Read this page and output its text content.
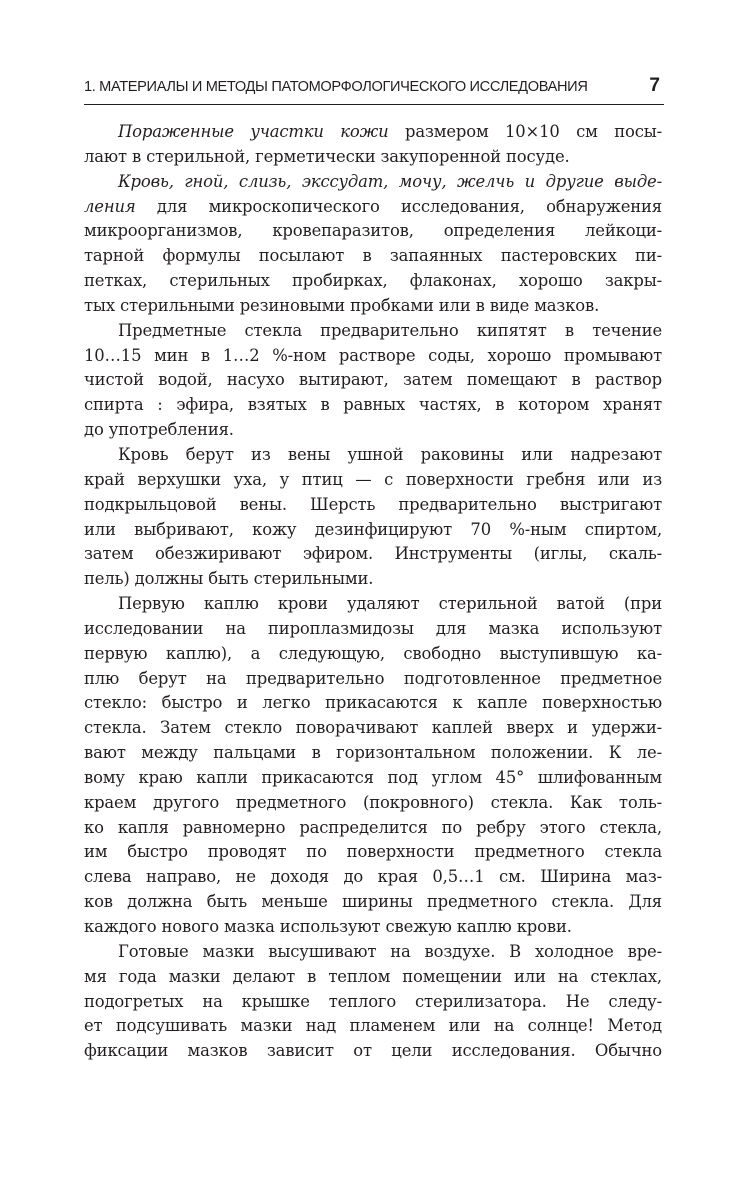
1. МАТЕРИАЛЫ И МЕТОДЫ ПАТОМОРФОЛОГИЧЕСКОГО ИССЛЕДОВАНИЯ	7
Пораженные участки кожи размером 10×10 см посы-
лают в стерильной, герметически закупоренной посуде.
Кровь, гной, слизь, экссудат, мочу, желчь и другие выде-
ления для микроскопического исследования, обнаружения
микроорганизмов, кровепаразитов, определения лейкоци-
тарной формулы посылают в запаянных пастеровских пи-
петках, стерильных пробирках, флаконах, хорошо закры-
тых стерильными резиновыми пробками или в виде мазков.
Предметные стекла предварительно кипятят в течение
10…15 мин в 1…2 %-ном растворе соды, хорошо промывают
чистой водой, насухо вытирают, затем помещают в раствор
спирта : эфира, взятых в равных частях, в котором хранят
до употребления.
Кровь берут из вены ушной раковины или надрезают
край верхушки уха, у птиц — с поверхности гребня или из
подкрыльцовой вены. Шерсть предварительно выстригают
или выбривают, кожу дезинфицируют 70 %-ным спиртом,
затем обезжиривают эфиром. Инструменты (иглы, скаль-
пель) должны быть стерильными.
Первую каплю крови удаляют стерильной ватой (при
исследовании на пироплазмидозы для мазка используют
первую каплю), а следующую, свободно выступившую ка-
плю берут на предварительно подготовленное предметное
стекло: быстро и легко прикасаются к капле поверхностью
стекла. Затем стекло поворачивают каплей вверх и удержи-
вают между пальцами в горизонтальном положении. К ле-
вому краю капли прикасаются под углом 45° шлифованным
краем другого предметного (покровного) стекла. Как толь-
ко капля равномерно распределится по ребру этого стекла,
им быстро проводят по поверхности предметного стекла
слева направо, не доходя до края 0,5…1 см. Ширина маз-
ков должна быть меньше ширины предметного стекла. Для
каждого нового мазка используют свежую каплю крови.
Готовые мазки высушивают на воздухе. В холодное вре-
мя года мазки делают в теплом помещении или на стеклах,
подогретых на крышке теплого стерилизатора. Не следу-
ет подсушивать мазки над пламенем или на солнце! Метод
фиксации мазков зависит от цели исследования. Обычно
